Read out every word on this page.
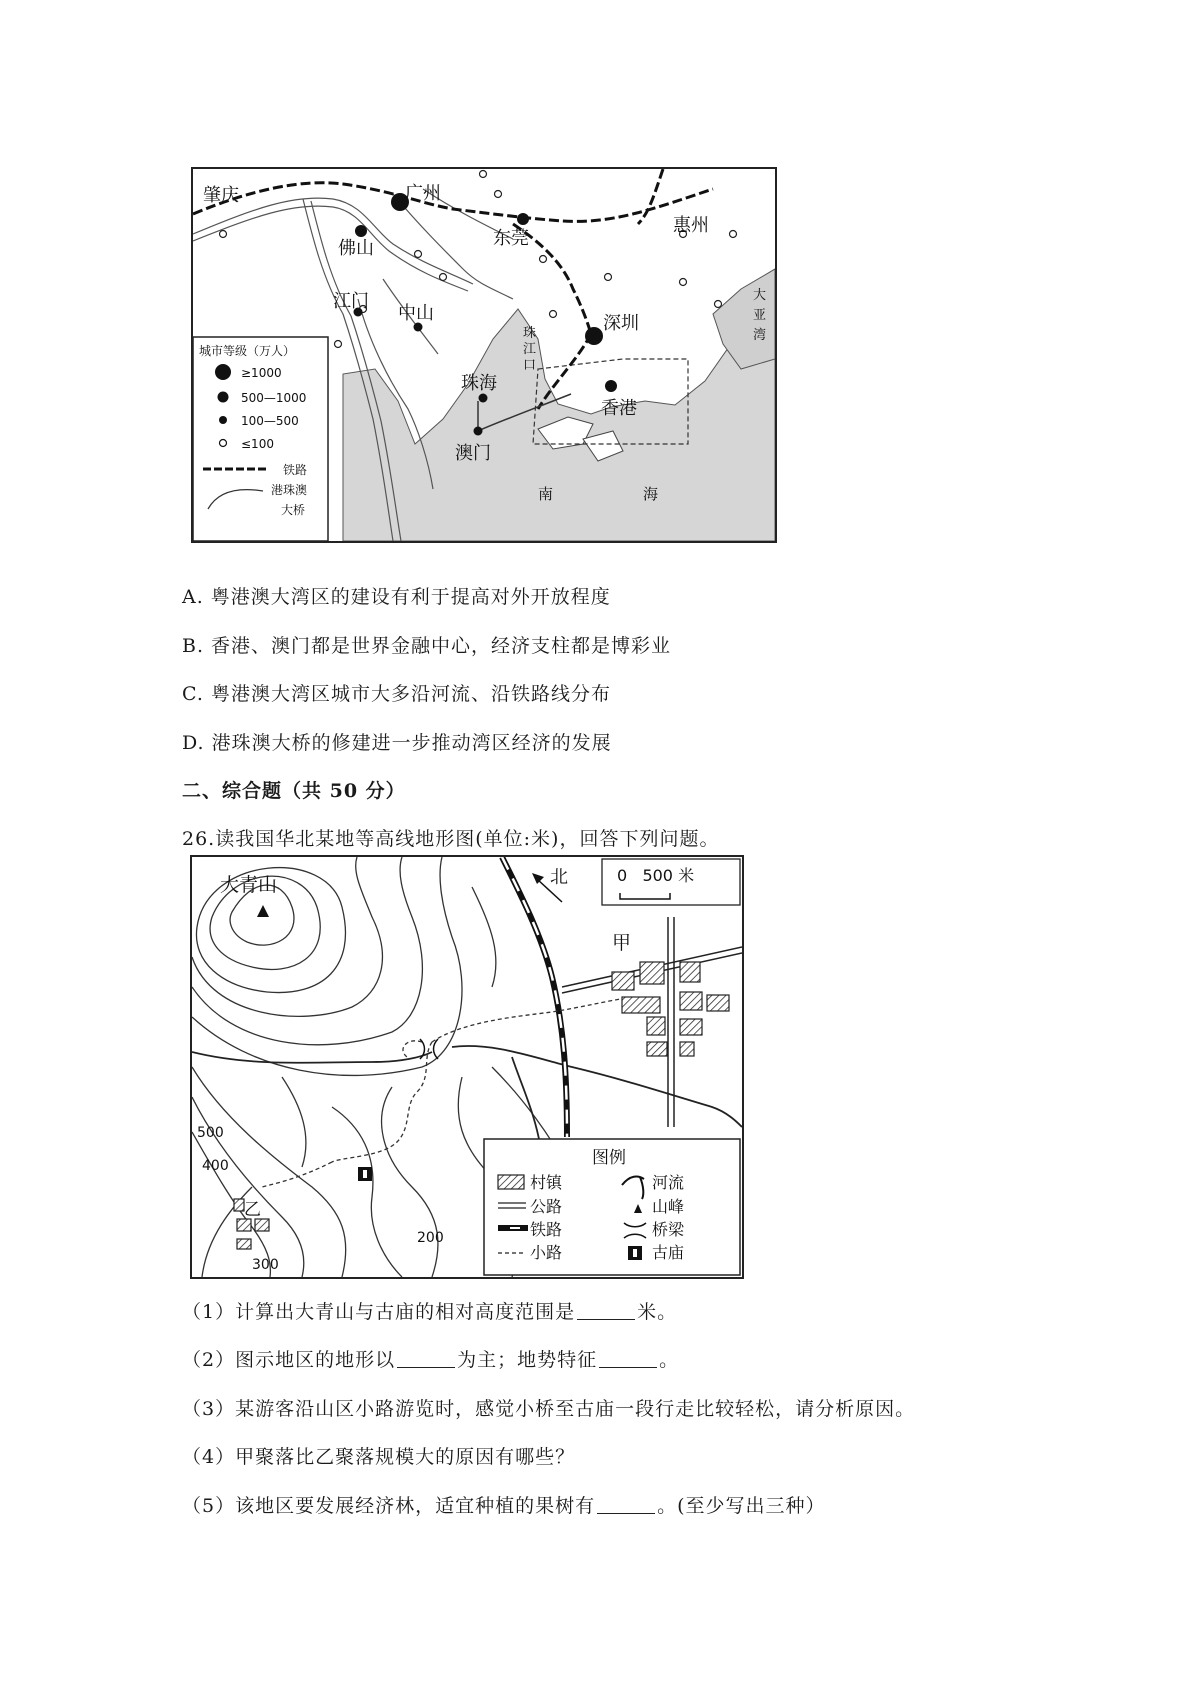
肇庆	广州
佛山	东莞
惠州
江门
中山	深圳
珠海
香港
澳门
珠
江
口
南	海
大
亚
湾
城市等级（万人）
≥1000
500—1000
100—500
≤100
铁路
港珠澳
大桥
A. 粤港澳大湾区的建设有利于提高对外开放程度
B. 香港、澳门都是世界金融中心，经济支柱都是博彩业
C. 粤港澳大湾区城市大多沿河流、沿铁路线分布
D. 港珠澳大桥的修建进一步推动湾区经济的发展
二、综合题（共 50 分）
26.读我国华北某地等高线地形图(单位:米)，回答下列问题。
大青山
甲
乙
500
400
300
200
北	0   500 米
图例
村镇
公路
铁路
小路
河流
山峰
桥梁
古庙
（1）计算出大青山与古庙的相对高度范围是	米。
（2）图示地区的地形以	为主；地势特征	。
（3）某游客沿山区小路游览时，感觉小桥至古庙一段行走比较轻松，请分析原因。
（4）甲聚落比乙聚落规模大的原因有哪些？
（5）该地区要发展经济林，适宜种植的果树有	。(至少写出三种）
